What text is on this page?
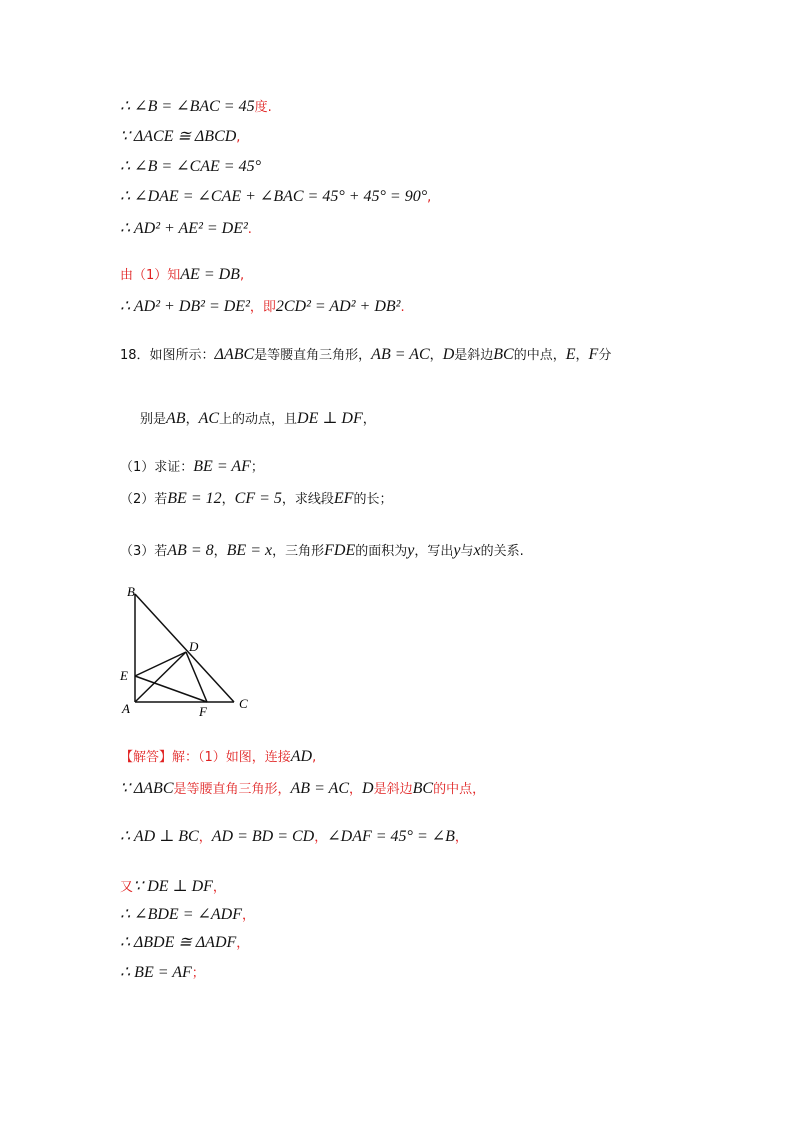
∴ ∠B = ∠BAC = 45度.
∵ ΔACE ≅ ΔBCD,
∴ ∠B = ∠CAE = 45°
∴ ∠DAE = ∠CAE + ∠BAC = 45° + 45° = 90°,
∴ AD² + AE² = DE².
由（1）知AE = DB,
∴ AD² + DB² = DE²，即2CD² = AD² + DB².
18．如图所示：ΔABC是等腰直角三角形，AB = AC，D是斜边BC的中点，E，F分
别是AB，AC上的动点，且DE ⊥ DF，
（1）求证：BE = AF；
（2）若BE = 12，CF = 5，求线段EF的长；
（3）若AB = 8，BE = x，三角形FDE的面积为y，写出y与x的关系.
B
D
E
A	F
C
【解答】解：（1）如图，连接AD,
∵ ΔABC是等腰直角三角形，AB = AC，D是斜边BC的中点，
∴ AD ⊥ BC，AD = BD = CD，∠DAF = 45° = ∠B，
又∵ DE ⊥ DF，
∴ ∠BDE = ∠ADF，
∴ ΔBDE ≅ ΔADF，
∴ BE = AF；
